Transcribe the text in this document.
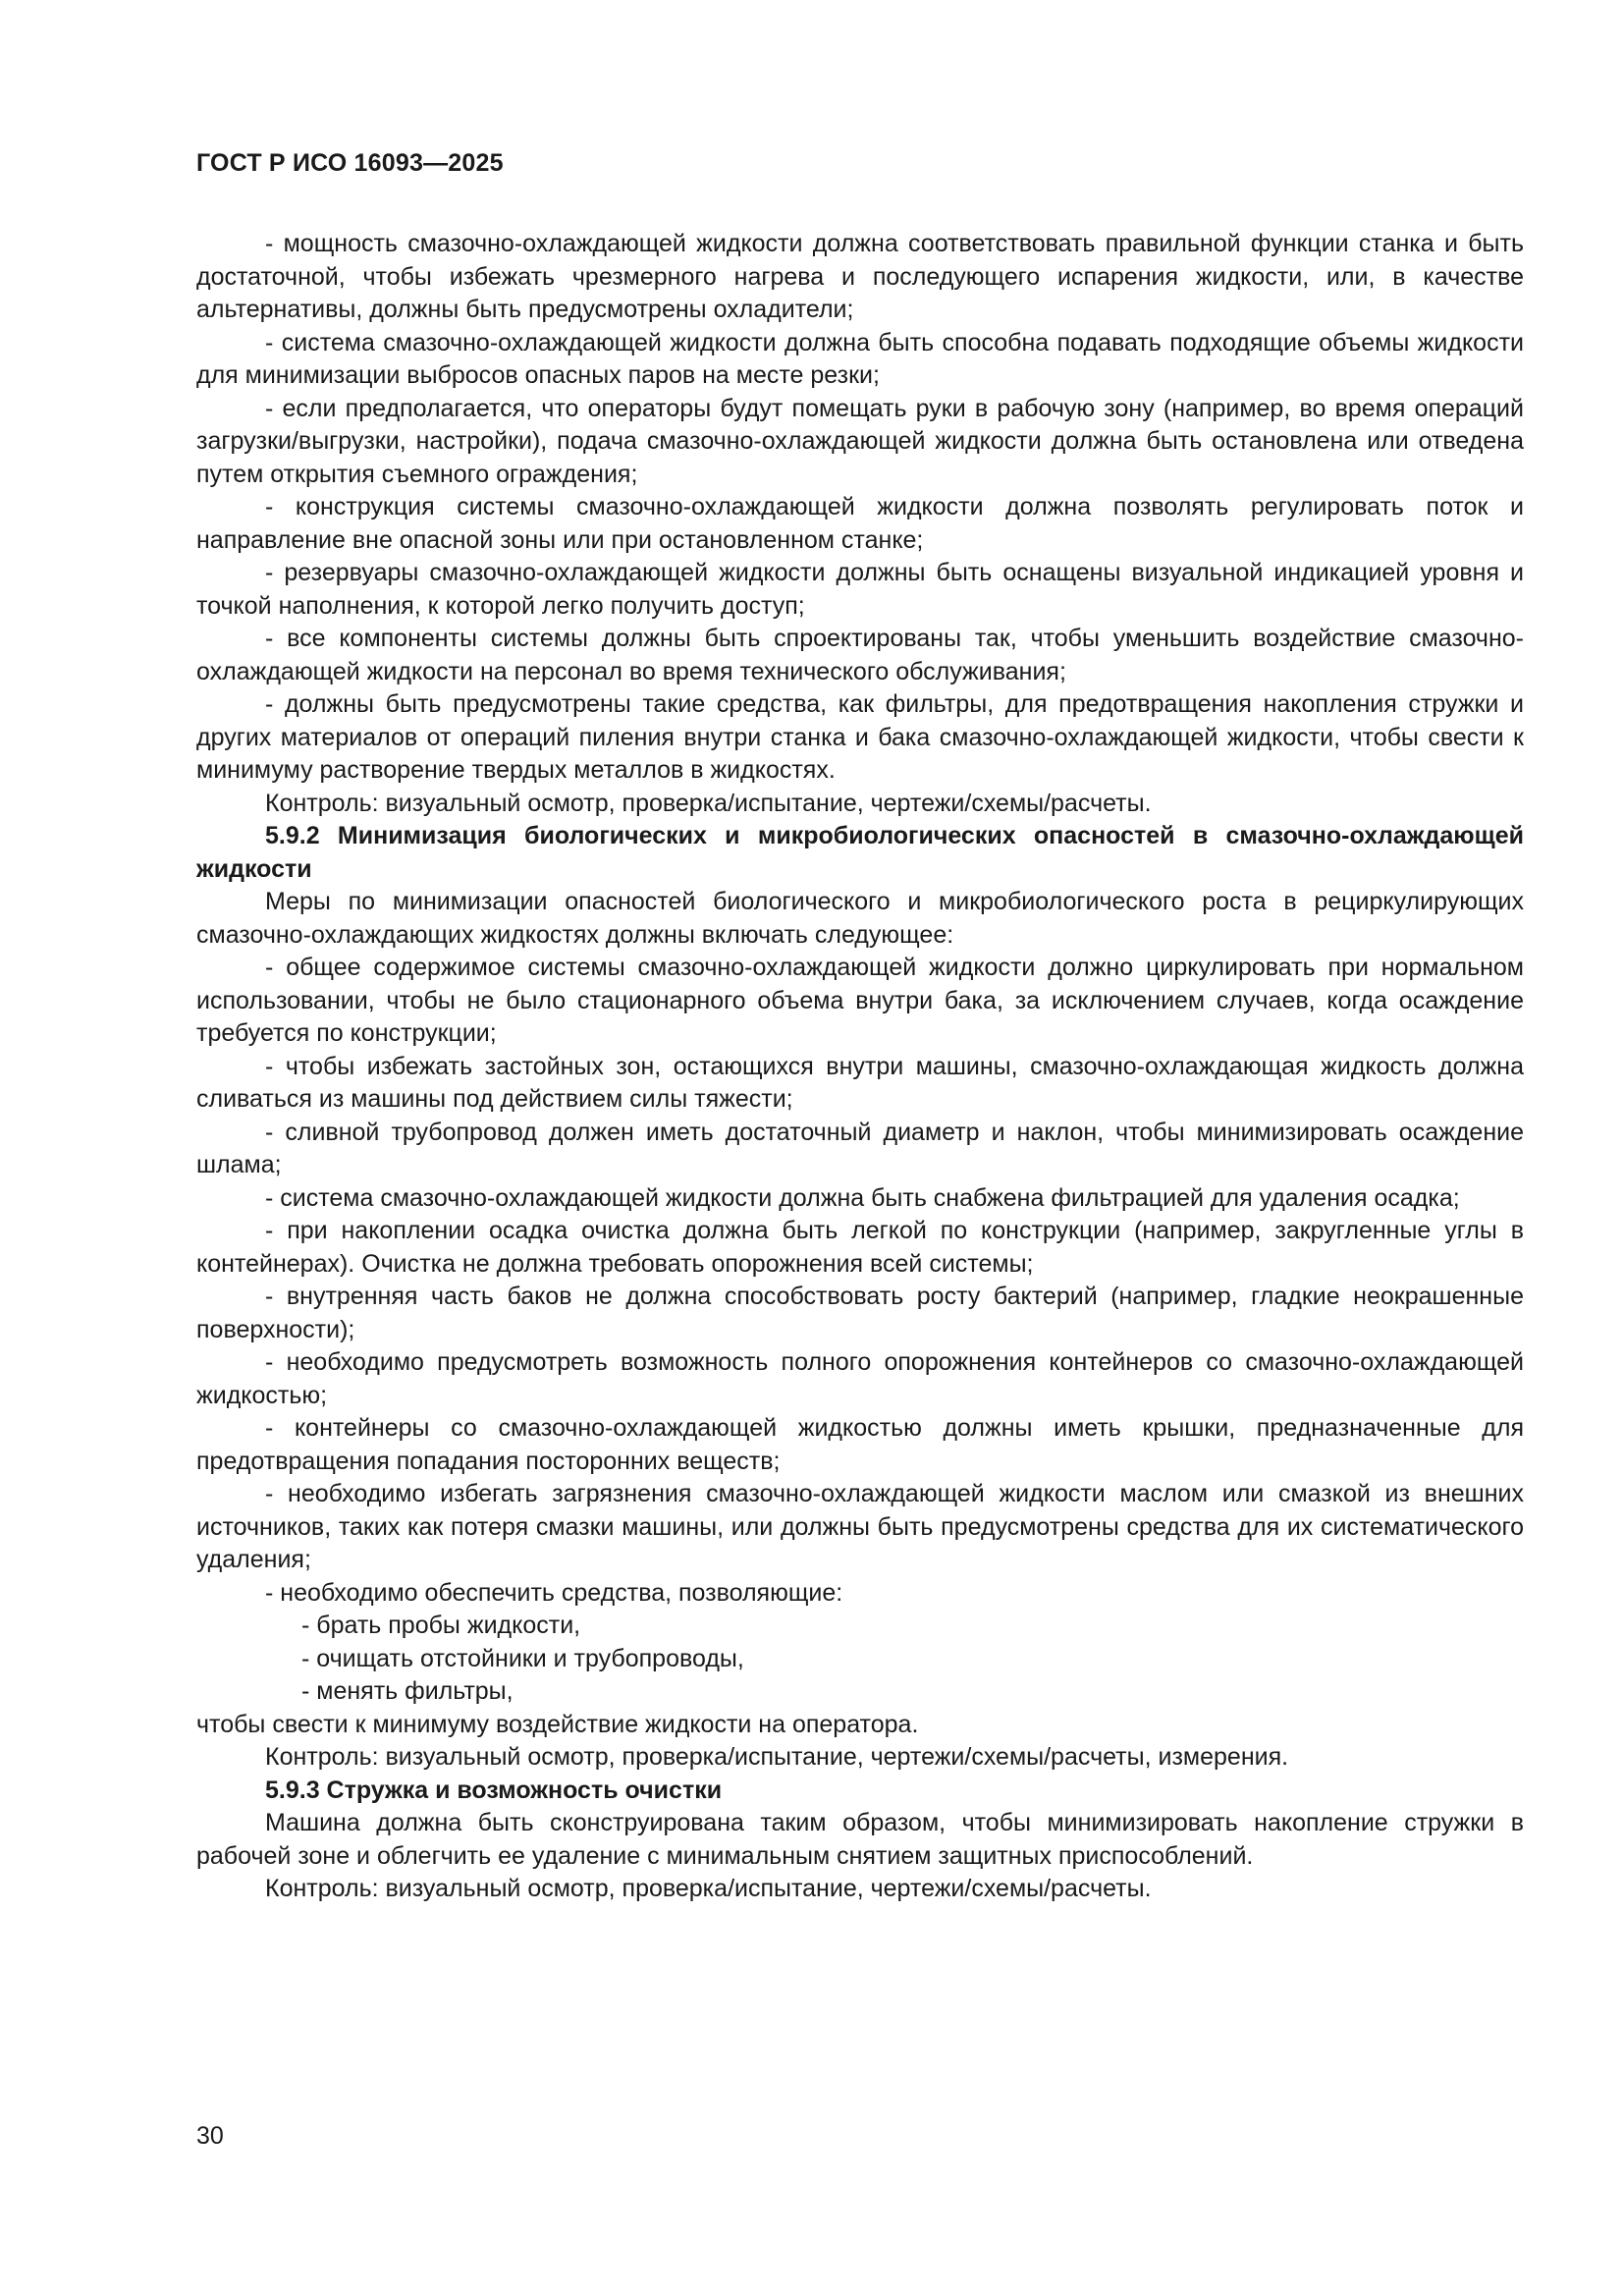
ГОСТ Р ИСО 16093—2025

- мощность смазочно-охлаждающей жидкости должна соответствовать правильной функции станка и быть достаточной, чтобы избежать чрезмерного нагрева и последующего испарения жидкости, или, в качестве альтернативы, должны быть предусмотрены охладители;

- система смазочно-охлаждающей жидкости должна быть способна подавать подходящие объемы жидкости для минимизации выбросов опасных паров на месте резки;

- если предполагается, что операторы будут помещать руки в рабочую зону (например, во время операций загрузки/выгрузки, настройки), подача смазочно-охлаждающей жидкости должна быть остановлена или отведена путем открытия съемного ограждения;

- конструкция системы смазочно-охлаждающей жидкости должна позволять регулировать поток и направление вне опасной зоны или при остановленном станке;

- резервуары смазочно-охлаждающей жидкости должны быть оснащены визуальной индикацией уровня и точкой наполнения, к которой легко получить доступ;

- все компоненты системы должны быть спроектированы так, чтобы уменьшить воздействие смазочно-охлаждающей жидкости на персонал во время технического обслуживания;

- должны быть предусмотрены такие средства, как фильтры, для предотвращения накопления стружки и других материалов от операций пиления внутри станка и бака смазочно-охлаждающей жидкости, чтобы свести к минимуму растворение твердых металлов в жидкостях.

Контроль: визуальный осмотр, проверка/испытание, чертежи/схемы/расчеты.

5.9.2 Минимизация биологических и микробиологических опасностей в смазочно-охлаждающей жидкости

Меры по минимизации опасностей биологического и микробиологического роста в рециркулирующих смазочно-охлаждающих жидкостях должны включать следующее:

- общее содержимое системы смазочно-охлаждающей жидкости должно циркулировать при нормальном использовании, чтобы не было стационарного объема внутри бака, за исключением случаев, когда осаждение требуется по конструкции;

- чтобы избежать застойных зон, остающихся внутри машины, смазочно-охлаждающая жидкость должна сливаться из машины под действием силы тяжести;

- сливной трубопровод должен иметь достаточный диаметр и наклон, чтобы минимизировать осаждение шлама;

- система смазочно-охлаждающей жидкости должна быть снабжена фильтрацией для удаления осадка;

- при накоплении осадка очистка должна быть легкой по конструкции (например, закругленные углы в контейнерах). Очистка не должна требовать опорожнения всей системы;

- внутренняя часть баков не должна способствовать росту бактерий (например, гладкие неокрашенные поверхности);

- необходимо предусмотреть возможность полного опорожнения контейнеров со смазочно-охлаждающей жидкостью;

- контейнеры со смазочно-охлаждающей жидкостью должны иметь крышки, предназначенные для предотвращения попадания посторонних веществ;

- необходимо избегать загрязнения смазочно-охлаждающей жидкости маслом или смазкой из внешних источников, таких как потеря смазки машины, или должны быть предусмотрены средства для их систематического удаления;

- необходимо обеспечить средства, позволяющие:

- брать пробы жидкости,

- очищать отстойники и трубопроводы,

- менять фильтры,

чтобы свести к минимуму воздействие жидкости на оператора.

Контроль: визуальный осмотр, проверка/испытание, чертежи/схемы/расчеты, измерения.

5.9.3 Стружка и возможность очистки

Машина должна быть сконструирована таким образом, чтобы минимизировать накопление стружки в рабочей зоне и облегчить ее удаление с минимальным снятием защитных приспособлений.

Контроль: визуальный осмотр, проверка/испытание, чертежи/схемы/расчеты.

30
